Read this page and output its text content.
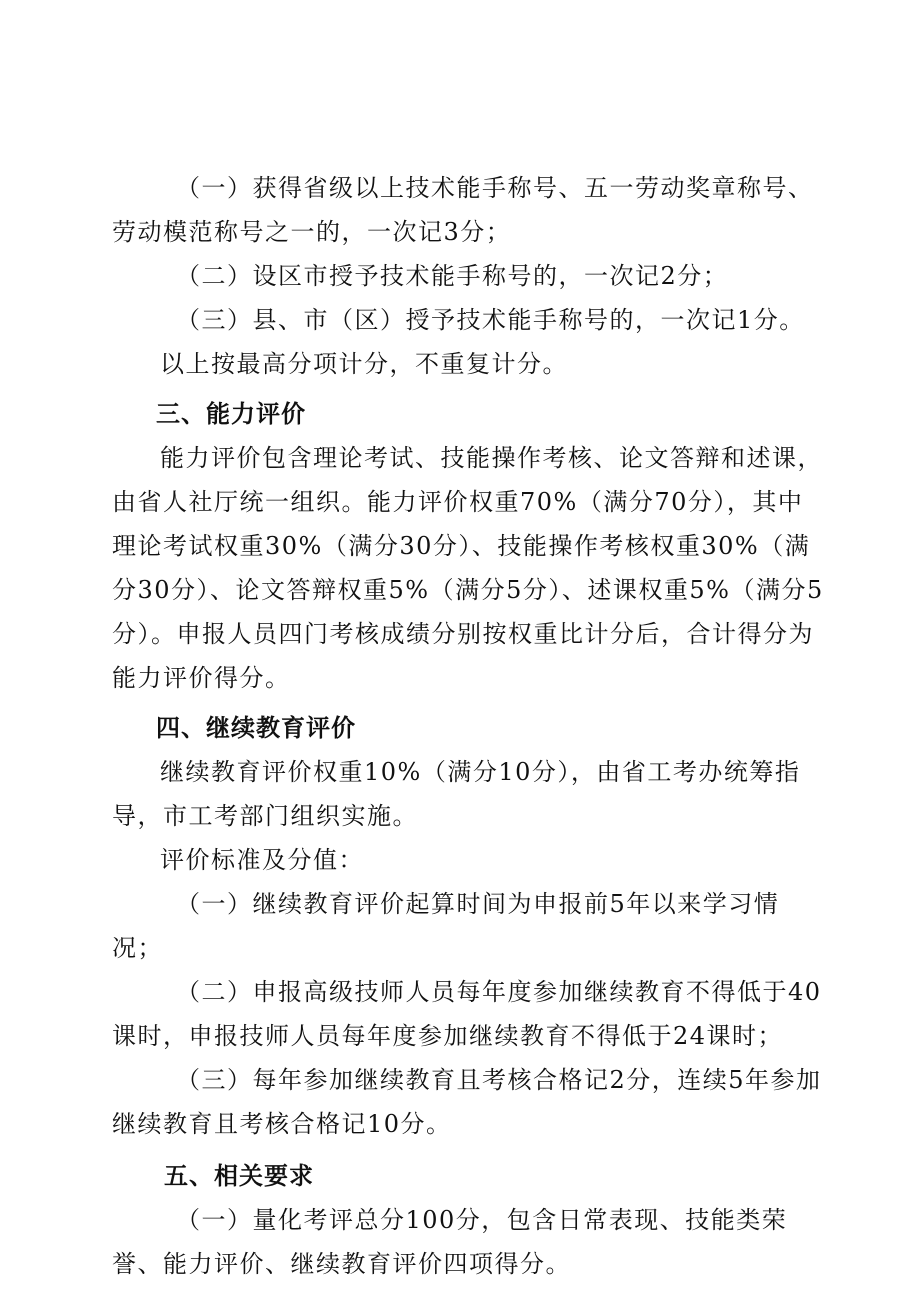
（一）获得省级以上技术能手称号、五一劳动奖章称号、劳动模范称号之一的，一次记3分；

（二）设区市授予技术能手称号的，一次记2分；

（三）县、市（区）授予技术能手称号的，一次记1分。

以上按最高分项计分，不重复计分。

三、能力评价

能力评价包含理论考试、技能操作考核、论文答辩和述课，由省人社厅统一组织。能力评价权重70%（满分70分），其中理论考试权重30%（满分30分）、技能操作考核权重30%（满分30分）、论文答辩权重5%（满分5分）、述课权重5%（满分5分）。申报人员四门考核成绩分别按权重比计分后，合计得分为能力评价得分。

四、继续教育评价

继续教育评价权重10%（满分10分），由省工考办统筹指导，市工考部门组织实施。

评价标准及分值：

（一）继续教育评价起算时间为申报前5年以来学习情况；

（二）申报高级技师人员每年度参加继续教育不得低于40课时，申报技师人员每年度参加继续教育不得低于24课时；

（三）每年参加继续教育且考核合格记2分，连续5年参加继续教育且考核合格记10分。

五、相关要求

（一）量化考评总分100分，包含日常表现、技能类荣誉、能力评价、继续教育评价四项得分。
